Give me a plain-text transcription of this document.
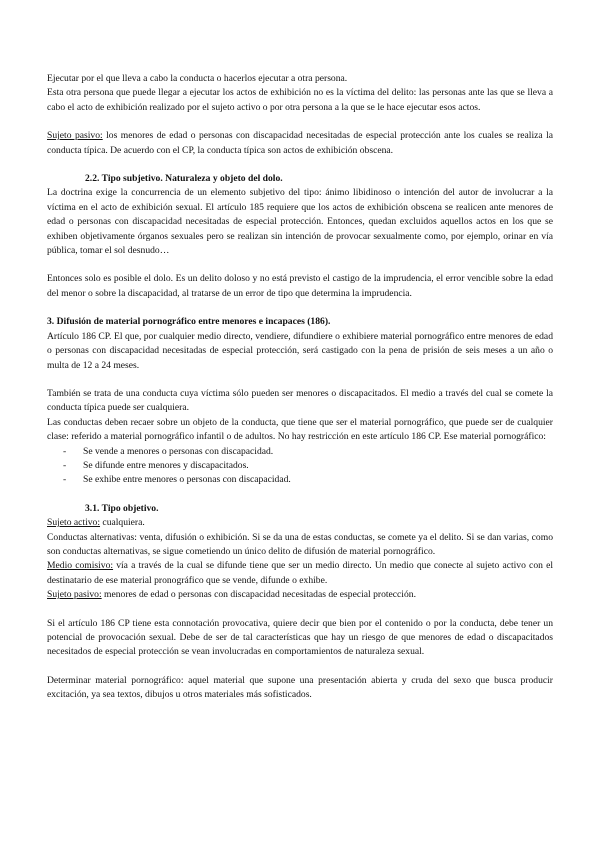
Ejecutar por el que lleva a cabo la conducta o hacerlos ejecutar a otra persona.

Esta otra persona que puede llegar a ejecutar los actos de exhibición no es la víctima del delito: las personas ante las que se lleva a cabo el acto de exhibición realizado por el sujeto activo o por otra persona a la que se le hace ejecutar esos actos.

Sujeto pasivo: los menores de edad o personas con discapacidad necesitadas de especial protección ante los cuales se realiza la conducta típica. De acuerdo con el CP, la conducta típica son actos de exhibición obscena.

2.2. Tipo subjetivo. Naturaleza y objeto del dolo.

La doctrina exige la concurrencia de un elemento subjetivo del tipo: ánimo libidinoso o intención del autor de involucrar a la víctima en el acto de exhibición sexual. El artículo 185 requiere que los actos de exhibición obscena se realicen ante menores de edad o personas con discapacidad necesitadas de especial protección. Entonces, quedan excluidos aquellos actos en los que se exhiben objetivamente órganos sexuales pero se realizan sin intención de provocar sexualmente como, por ejemplo, orinar en vía pública, tomar el sol desnudo…

Entonces solo es posible el dolo. Es un delito doloso y no está previsto el castigo de la imprudencia, el error vencible sobre la edad del menor o sobre la discapacidad, al tratarse de un error de tipo que determina la imprudencia.

3. Difusión de material pornográfico entre menores e incapaces (186).

Artículo 186 CP. El que, por cualquier medio directo, vendiere, difundiere o exhibiere material pornográfico entre menores de edad o personas con discapacidad necesitadas de especial protección, será castigado con la pena de prisión de seis meses a un año o multa de 12 a 24 meses.

También se trata de una conducta cuya víctima sólo pueden ser menores o discapacitados. El medio a través del cual se comete la conducta típica puede ser cualquiera.

Las conductas deben recaer sobre un objeto de la conducta, que tiene que ser el material pornográfico, que puede ser de cualquier clase: referido a material pornográfico infantil o de adultos. No hay restricción en este artículo 186 CP. Ese material pornográfico:

- Se vende a menores o personas con discapacidad.
- Se difunde entre menores y discapacitados.
- Se exhibe entre menores o personas con discapacidad.

3.1. Tipo objetivo.

Sujeto activo: cualquiera.

Conductas alternativas: venta, difusión o exhibición. Si se da una de estas conductas, se comete ya el delito. Si se dan varias, como son conductas alternativas, se sigue cometiendo un único delito de difusión de material pornográfico.

Medio comisivo: vía a través de la cual se difunde tiene que ser un medio directo. Un medio que conecte al sujeto activo con el destinatario de ese material pronográfico que se vende, difunde o exhibe.

Sujeto pasivo: menores de edad o personas con discapacidad necesitadas de especial protección.

Si el artículo 186 CP tiene esta connotación provocativa, quiere decir que bien por el contenido o por la conducta, debe tener un potencial de provocación sexual. Debe de ser de tal características que hay un riesgo de que menores de edad o discapacitados necesitados de especial protección se vean involucradas en comportamientos de naturaleza sexual.

Determinar material pornográfico: aquel material que supone una presentación abierta y cruda del sexo que busca producir excitación, ya sea textos, dibujos u otros materiales más sofisticados.
